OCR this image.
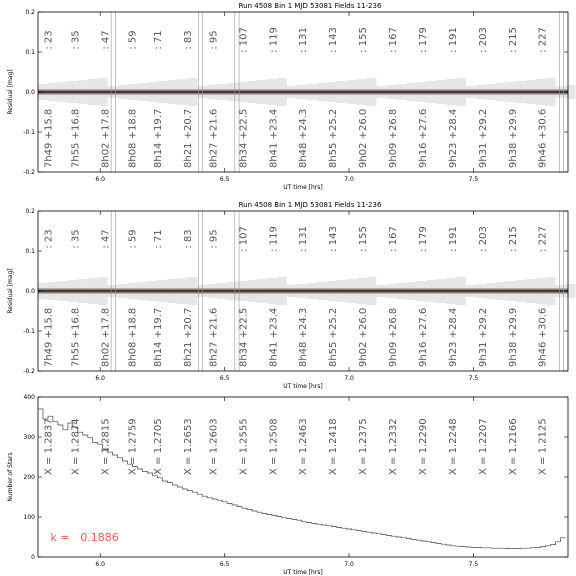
Run 4508 Bin 1 MJD 53081 Fields 11-236
: 23
7h49 +15.8
: 35
7h55 +16.8
: 47
8h02 +17.8
: 59
8h08 +18.8
: 71
8h14 +19.7
: 83
8h21 +20.7
: 95
8h27 +21.6
: 107
8h34 +22.5
: 119
8h41 +23.4
: 131
8h48 +24.3
: 143
8h55 +25.2
: 155
9h02 +26.0
: 167
9h09 +26.8
: 179
9h16 +27.6
: 191
9h23 +28.4
: 203
9h31 +29.2
: 215
9h38 +29.9
: 227
9h46 +30.6
6.0	6.5	7.0	7.5
-0.2
-0.1
0.0
0.1
0.2
UT time [hrs]
Residual [mag]
Run 4508 Bin 1 MJD 53081 Fields 11-236
: 23
7h49 +15.8
: 35
7h55 +16.8
: 47
8h02 +17.8
: 59
8h08 +18.8
: 71
8h14 +19.7
: 83
8h21 +20.7
: 95
8h27 +21.6
: 107
8h34 +22.5
: 119
8h41 +23.4
: 131
8h48 +24.3
: 143
8h55 +25.2
: 155
9h02 +26.0
: 167
9h09 +26.8
: 179
9h16 +27.6
: 191
9h23 +28.4
: 203
9h31 +29.2
: 215
9h38 +29.9
: 227
9h46 +30.6
6.0	6.5	7.0	7.5
-0.2
-0.1
0.0
0.1
0.2
UT time [hrs]
Residual [mag]
X = 1.2837 X = 1.2874 X = 1.2815 X = 1.2759 X = 1.2705 X = 1.2653 X = 1.2603 X = 1.2555 X = 1.2508 X = 1.2463 X = 1.2418 X = 1.2375 X = 1.2332 X = 1.2290 X = 1.2248 X = 1.2207 X = 1.2166 X = 1.2125
k = 0.1886
6.0	6.5	7.0	7.5
0
100
200
300
400
UT time [hrs]
Number of Stars
